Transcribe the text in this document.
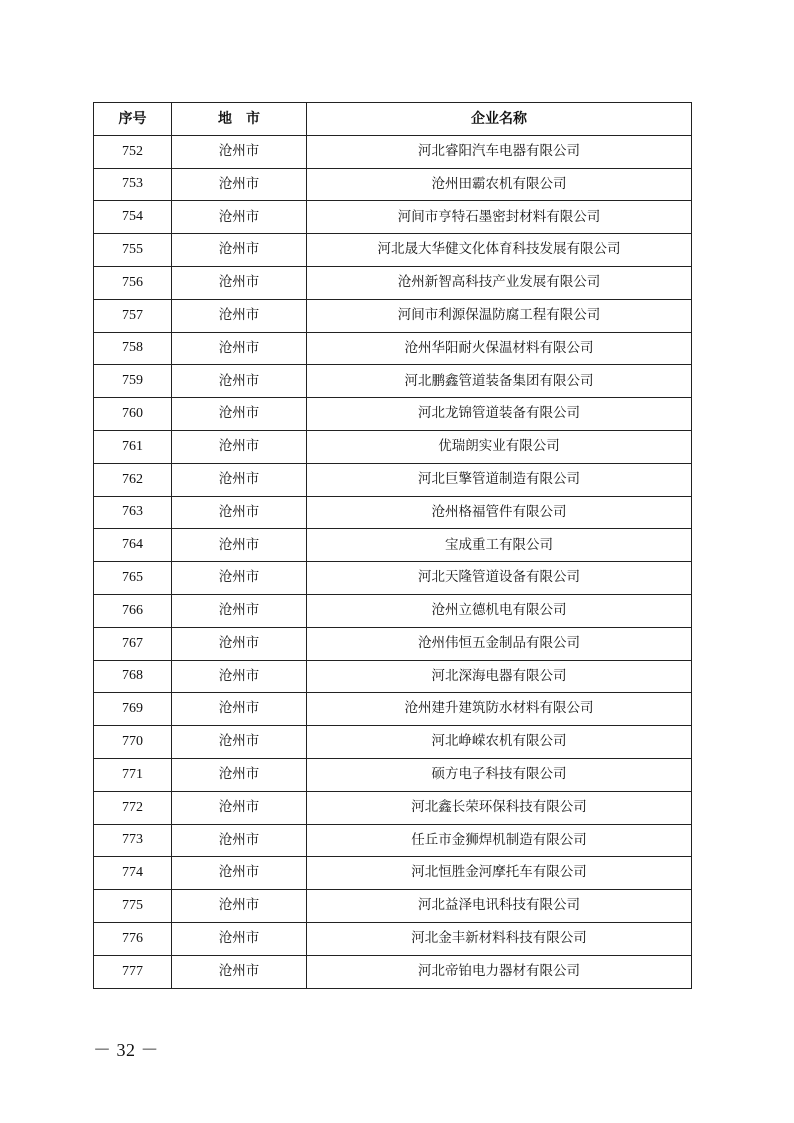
序号	地　市	企业名称
752	沧州市	河北睿阳汽车电器有限公司
753	沧州市	沧州田霸农机有限公司
754	沧州市	河间市亨特石墨密封材料有限公司
755	沧州市	河北晟大华健文化体育科技发展有限公司
756	沧州市	沧州新智高科技产业发展有限公司
757	沧州市	河间市利源保温防腐工程有限公司
758	沧州市	沧州华阳耐火保温材料有限公司
759	沧州市	河北鹏鑫管道装备集团有限公司
760	沧州市	河北龙锦管道装备有限公司
761	沧州市	优瑞朗实业有限公司
762	沧州市	河北巨擎管道制造有限公司
763	沧州市	沧州格福管件有限公司
764	沧州市	宝成重工有限公司
765	沧州市	河北天隆管道设备有限公司
766	沧州市	沧州立德机电有限公司
767	沧州市	沧州伟恒五金制品有限公司
768	沧州市	河北深海电器有限公司
769	沧州市	沧州建升建筑防水材料有限公司
770	沧州市	河北峥嵘农机有限公司
771	沧州市	硕方电子科技有限公司
772	沧州市	河北鑫长荣环保科技有限公司
773	沧州市	任丘市金狮焊机制造有限公司
774	沧州市	河北恒胜金河摩托车有限公司
775	沧州市	河北益泽电讯科技有限公司
776	沧州市	河北金丰新材料科技有限公司
777	沧州市	河北帝铂电力器材有限公司
－ 32 －
